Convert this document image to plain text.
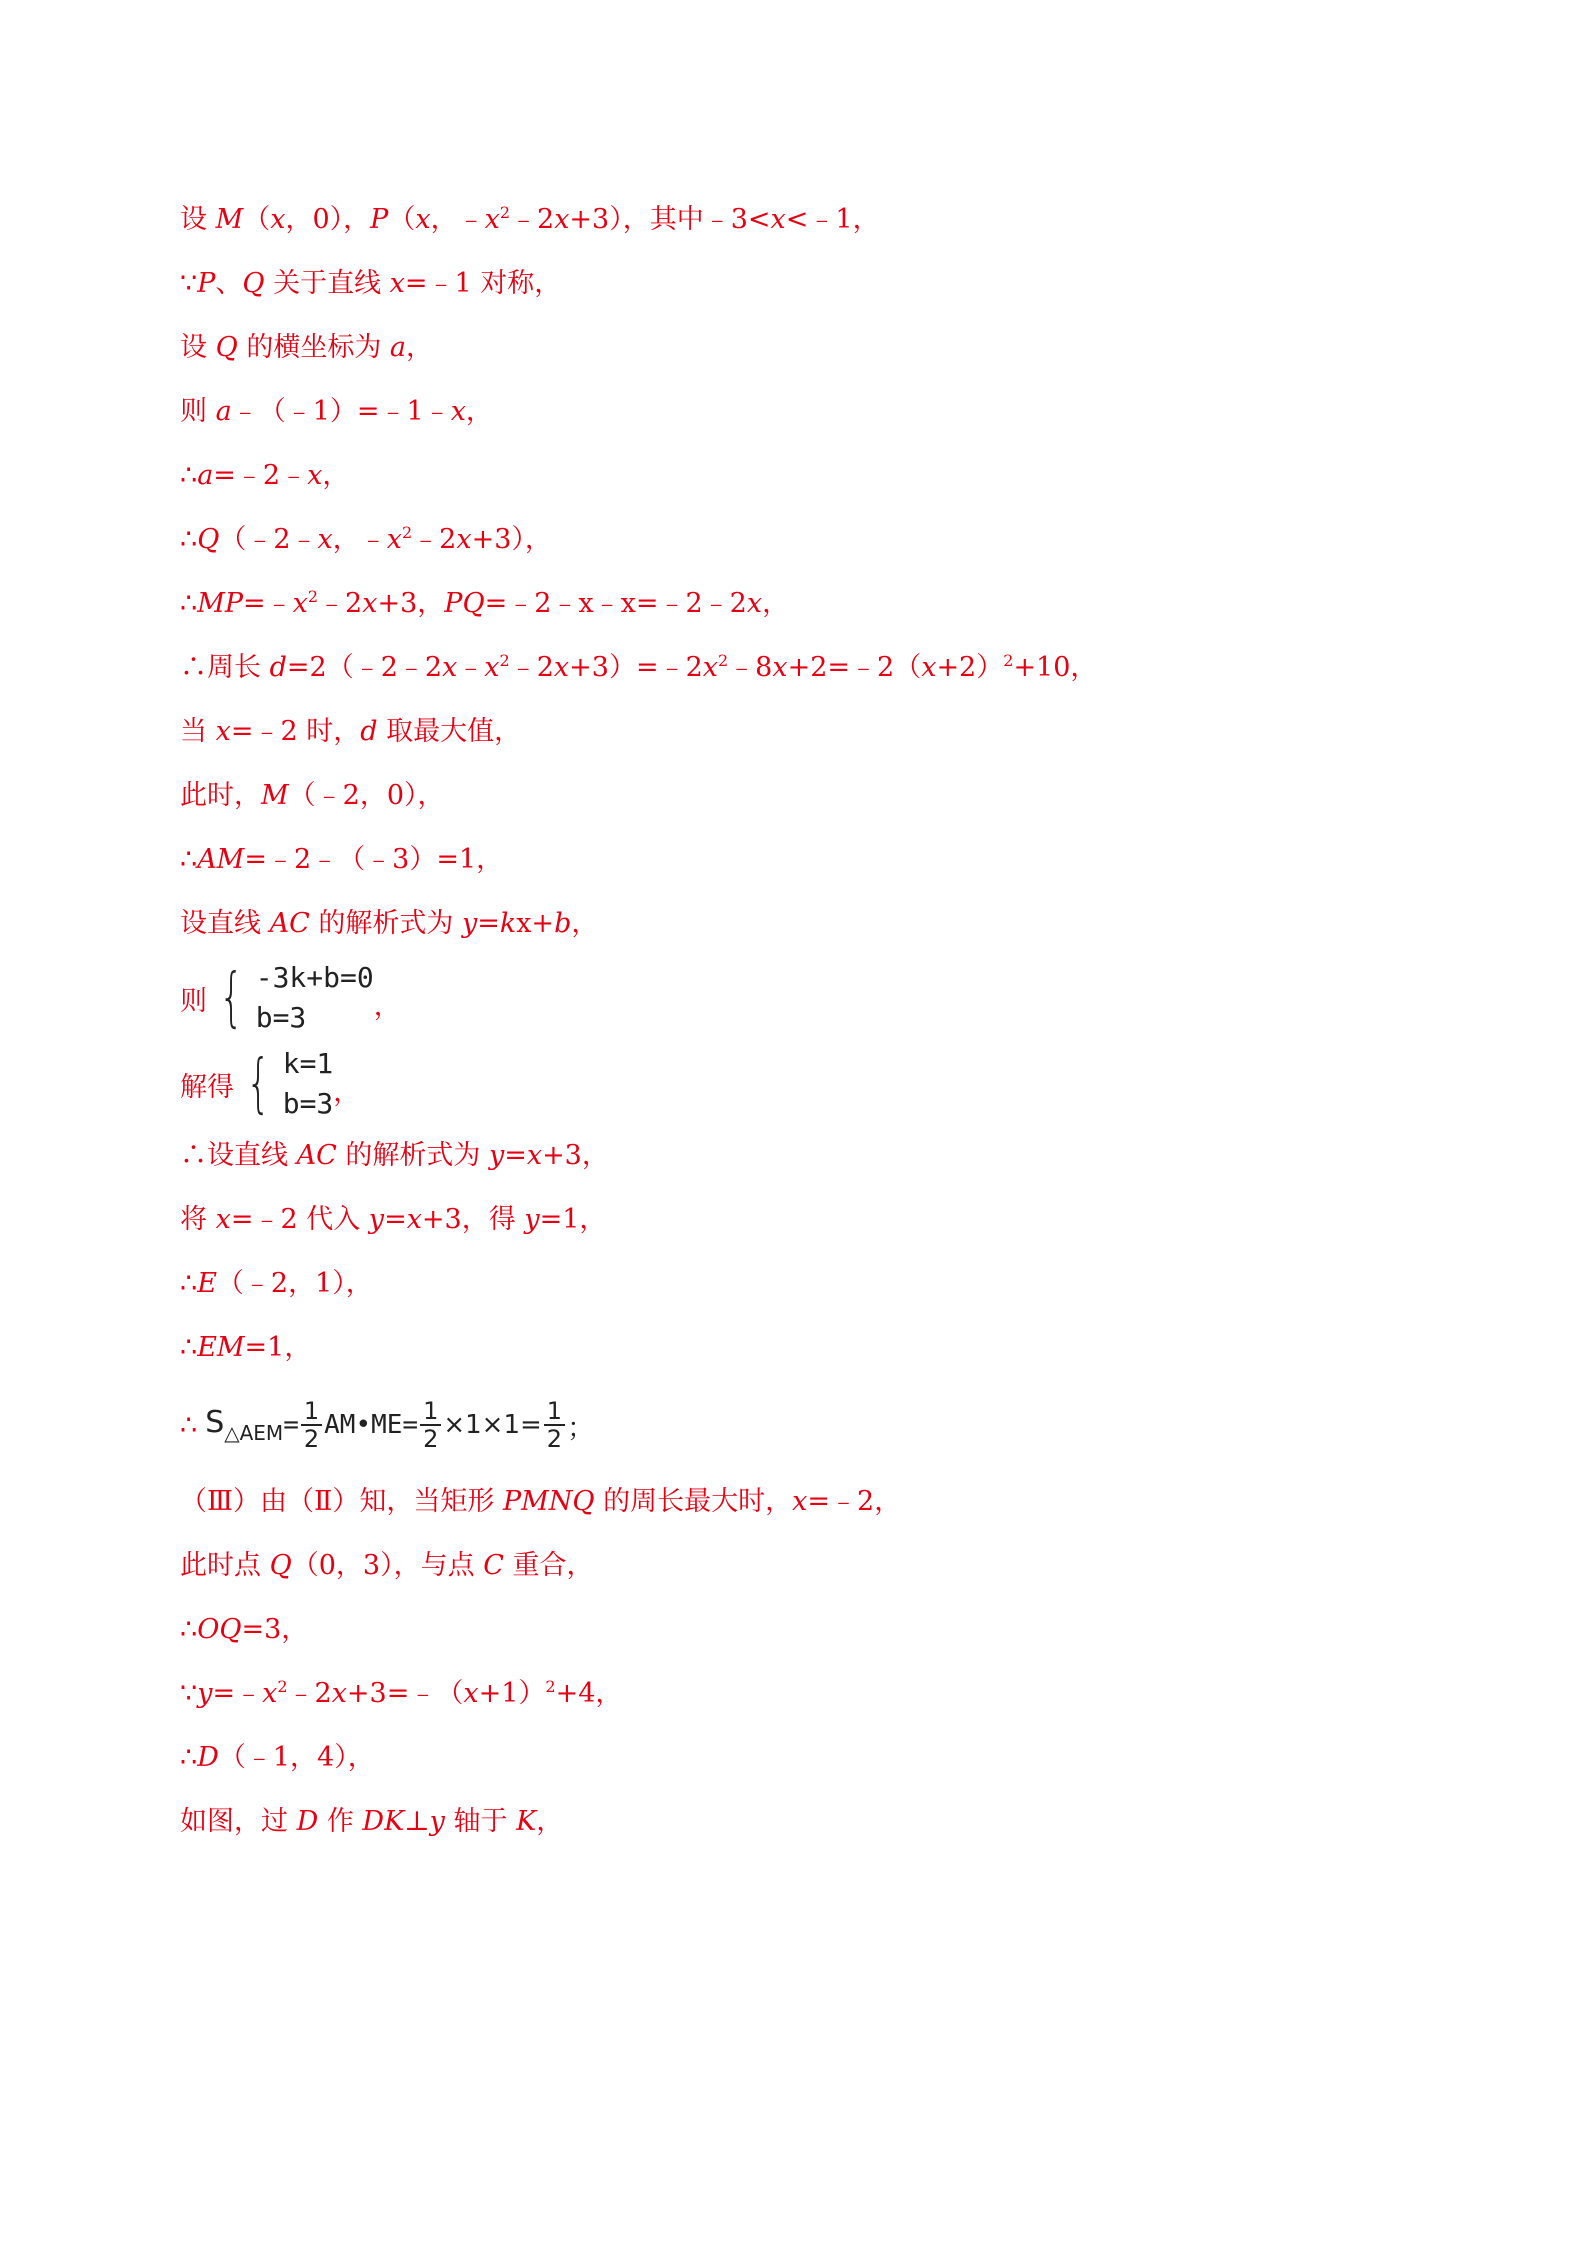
设 M（x，0），P（x，$﹣x^2﹣2x+3$），其中﹣3<x<﹣1，
∵P、Q 关于直线 x=﹣1 对称，
设 Q 的横坐标为 a，
则 a﹣（﹣1）=﹣1﹣x，
∴a=﹣2﹣x，
∴Q（﹣2﹣x，$﹣x^2﹣2x+3$），
$\therefore MP=﹣x^2﹣2x+3$，PQ=﹣2﹣x﹣x=﹣2﹣2x，
∴周长 $d=2(﹣2﹣2x﹣x^2﹣2x+3)=﹣2x^2﹣8x+2=﹣2(x+2)^2+10$，
当 x=﹣2 时，d 取最大值，
此时，M（﹣2，0），
∴AM=﹣2﹣（﹣3）=1，
设直线 AC 的解析式为 y=kx+b，
则 { -3k+b=0
b=3	，
解得 { k=1
b=3 ，
∴设直线 AC 的解析式为 y=x+3，
将 x=﹣2 代入 y=x+3，得 y=1，
∴E（﹣2，1），
∴EM=1，
∴ $S_{\triangle AEM} = \frac{1}{2}$ AM•ME= $\frac{1}{2} \times 1\times 1= \frac{1}{2}$ ；
（Ⅲ）由（Ⅱ）知，当矩形 PMNQ 的周长最大时，x=﹣2，
此时点 Q（0，3），与点 C 重合，
∴OQ=3，
$\because y=﹣x^2﹣2x+3=﹣(x+1)^2+4$，
∴D（﹣1，4），
如图，过 D 作 DK⊥y 轴于 K，
